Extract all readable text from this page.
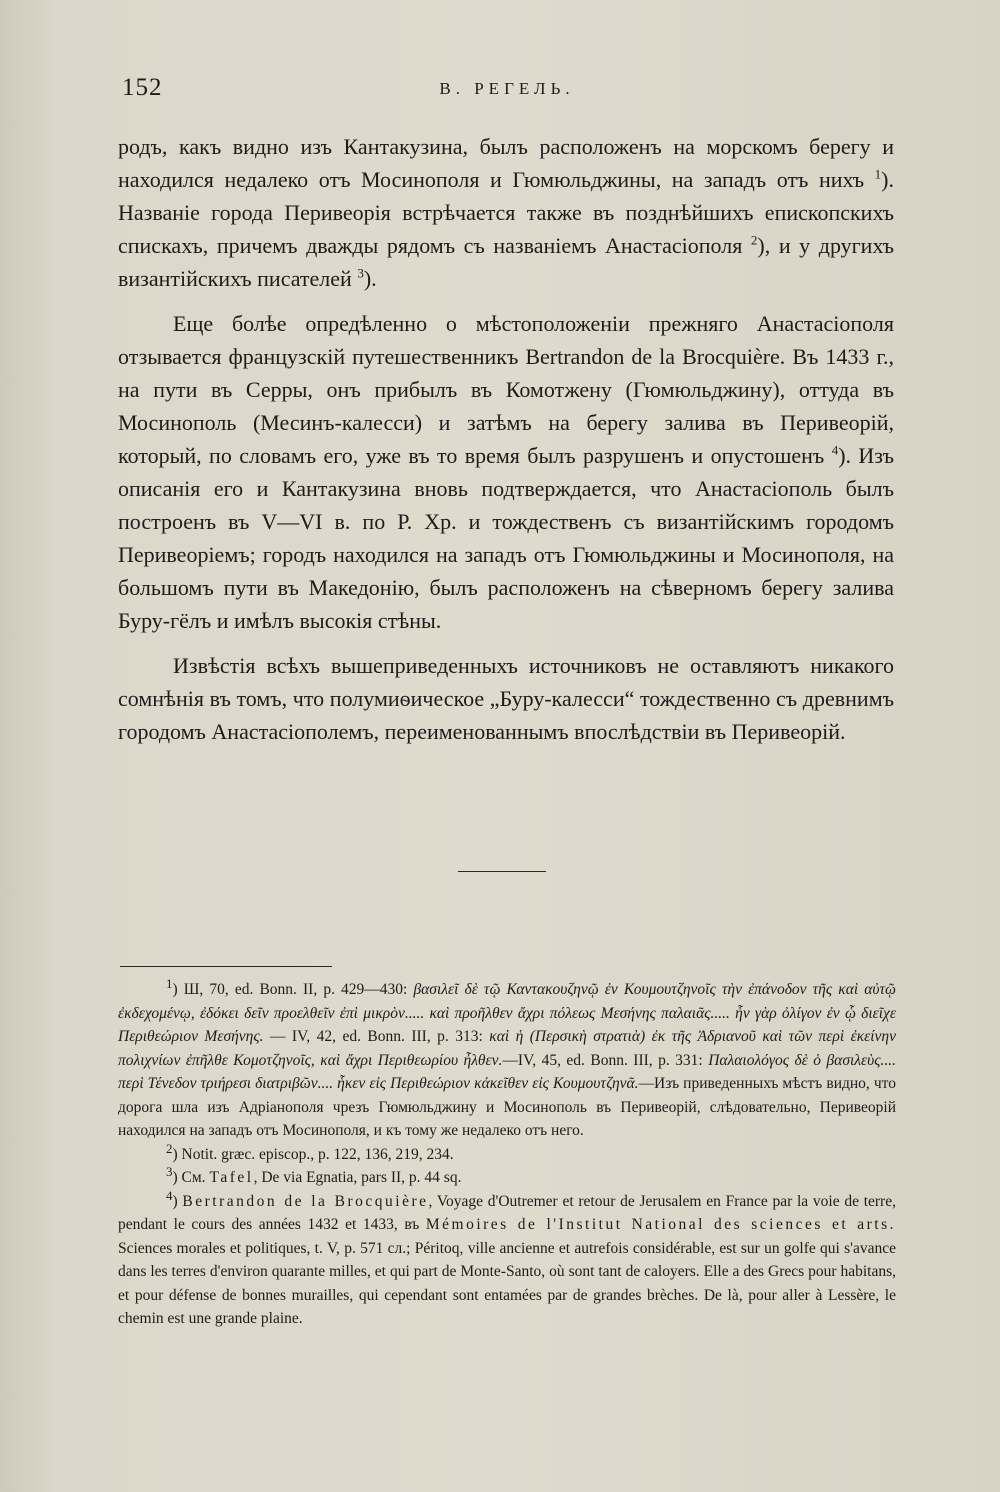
152	В. РЕГЕЛЬ.

родъ, какъ видно изъ Кантакузина, былъ расположенъ на морскомъ берегу и находился недалеко отъ Мосинополя и Гюмюльджины, на западъ отъ нихъ $^1$). Названіе города Перивеорія встрѣчается также въ позднѣйшихъ епископскихъ спискахъ, причемъ дважды рядомъ съ названіемъ Анастасіополя $^2$), и у другихъ византійскихъ писателей $^3$).

Еще болѣе опредѣленно о мѣстоположеніи прежняго Анастасіополя отзывается французскій путешественникъ Bertrandon de la Brocquière. Въ 1433 г., на пути въ Серры, онъ прибылъ въ Комотжену (Гюмюльджину), оттуда въ Мосинополь (Месинъ-калесси) и затѣмъ на берегу залива въ Перивеорій, который, по словамъ его, уже въ то время былъ разрушенъ и опустошенъ $^4$). Изъ описанія его и Кантакузина вновь подтверждается, что Анастасіополь былъ построенъ въ V—VI в. по Р. Хр. и тождественъ съ византійскимъ городомъ Перивеоріемъ; городъ находился на западъ отъ Гюмюльджины и Мосинополя, на большомъ пути въ Македонію, былъ расположенъ на сѣверномъ берегу залива Буру-гёлъ и имѣлъ высокія стѣны.

Извѣстія всѣхъ вышеприведенныхъ источниковъ не оставляютъ никакого сомнѣнія въ томъ, что полумиѳическое „Буру-калесси“ тождественно съ древнимъ городомъ Анастасіополемъ, переименованнымъ впослѣдствіи въ Перивеорій.

$^1$) Ш, 70, ed. Bonn. II, p. 429—430: βασιλεῖ δὲ τῷ Καντακουζηνῷ ἐν Κουμουτζηνοῖς τὴν ἐπάνοδον τῆς καὶ αὐτῷ ἐκδεχομένῳ, ἐδόκει δεῖν προελθεῖν ἐπὶ μικρὸν..... καὶ προῆλθεν ἄχρι πόλεως Μεσήνης παλαιᾶς..... ἦν γὰρ ὀλίγον ἐν ᾧ διεῖχε Περιθεώριον Μεσήνης. — IV, 42, ed. Bonn. III, p. 313: καὶ ἡ (Περσικὴ στρατιὰ) ἐκ τῆς Ἀδριανοῦ καὶ τῶν περὶ ἐκείνην πολιχνίων ἐπῆλθε Κομοτζηνοῖς, καὶ ἄχρι Περιθεωρίου ἦλθεν.—IV, 45, ed. Bonn. III, p. 331: Παλαιολόγος δὲ ὁ βασιλεὺς.... περὶ Τένεδον τριήρεσι διατριβῶν.... ἧκεν εἰς Περιθεώριον κἀκεῖθεν εἰς Κουμουτζηνᾶ.—Изъ приведенныхъ мѣстъ видно, что дорога шла изъ Адріанополя чрезъ Гюмюльджину и Мосинополь въ Перивеорій, слѣдовательно, Перивеорій находился на западъ отъ Мосинополя, и къ тому же недалеко отъ него.

$^2$) Notit. græc. episcop., p. 122, 136, 219, 234.

$^3$) См. Tafel, De via Egnatia, pars II, p. 44 sq.

$^4$) Bertrandon de la Brocquière, Voyage d'Outremer et retour de Jerusalem en France par la voie de terre, pendant le cours des années 1432 et 1433, въ Mémoires de l'Institut National des sciences et arts. Sciences morales et politiques, t. V, p. 571 сл.; Péritoq, ville ancienne et autrefois considérable, est sur un golfe qui s'avance dans les terres d'environ quarante milles, et qui part de Monte-Santo, où sont tant de caloyers. Elle a des Grecs pour habitans, et pour défense de bonnes murailles, qui cependant sont entamées par de grandes brèches. De là, pour aller à Lessère, le chemin est une grande plaine.
